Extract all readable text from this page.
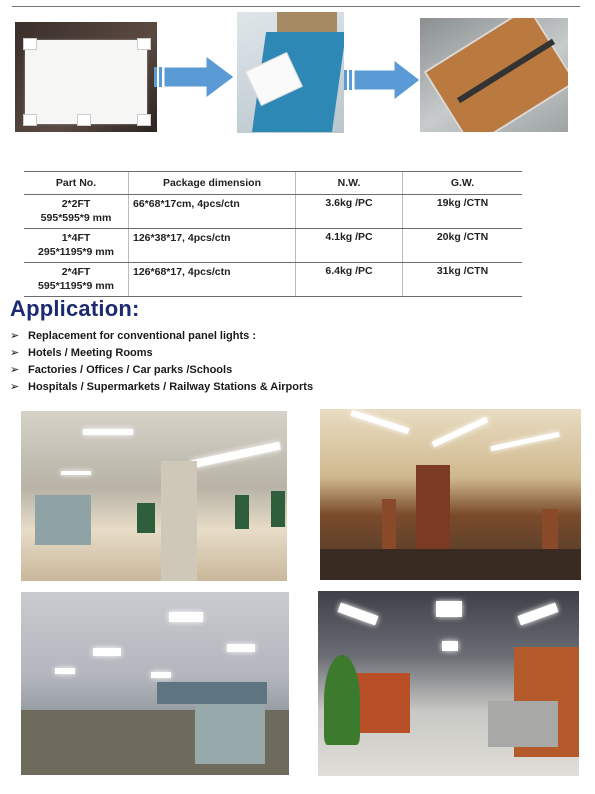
Part No.	Package dimension	N.W.	G.W.

2*2FT
595*595*9 mm	66*68*17cm, 4pcs/ctn	3.6kg /PC	19kg /CTN

1*4FT
295*1195*9 mm	126*38*17, 4pcs/ctn	4.1kg /PC	20kg /CTN

2*4FT
595*1195*9 mm	126*68*17, 4pcs/ctn	6.4kg /PC	31kg /CTN
Application:
➢ Replacement for conventional panel lights :
➢ Hotels / Meeting Rooms
➢ Factories / Offices / Car parks /Schools
➢ Hospitals / Supermarkets / Railway Stations & Airports
